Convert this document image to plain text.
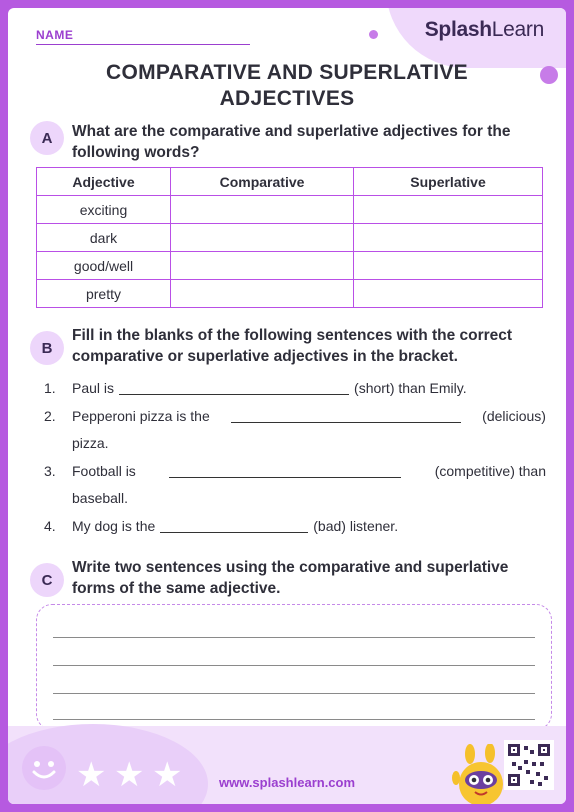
NAME	SplashLearn
COMPARATIVE AND SUPERLATIVE
ADJECTIVES
A	What are the comparative and superlative adjectives for the
following words?
Adjective	Comparative	Superlative
exciting		
dark		
good/well		
pretty		
B
Fill in the blanks of the following sentences with the correct
comparative or superlative adjectives in the bracket.
1. Paul is	(short) than Emily.
2. Pepperoni pizza is the	(delicious)
pizza.
3. Football is	(competitive) than
baseball.
4. My dog is the	(bad) listener.
C
Write two sentences using the comparative and superlative
forms of the same adjective.
★ ★ ★	www.splashlearn.com
